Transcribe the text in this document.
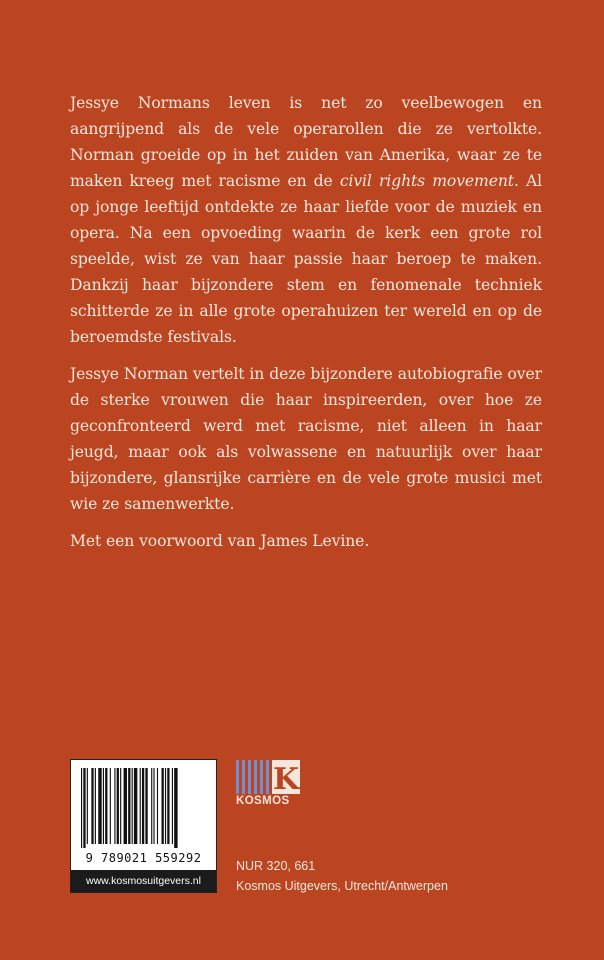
Jessye Normans leven is net zo veelbewogen en aangrijpend als de vele operarollen die ze vertolkte. Norman groeide op in het zuiden van Amerika, waar ze te maken kreeg met racisme en de civil rights movement. Al op jonge leeftijd ontdekte ze haar liefde voor de muziek en opera. Na een opvoeding waarin de kerk een grote rol speelde, wist ze van haar passie haar beroep te maken. Dankzij haar bijzondere stem en fenomenale techniek schitterde ze in alle grote operahuizen ter wereld en op de beroemdste festivals.

Jessye Norman vertelt in deze bijzondere autobiografie over de sterke vrouwen die haar inspireerden, over hoe ze geconfronteerd werd met racisme, niet alleen in haar jeugd, maar ook als volwassene en natuurlijk over haar bijzondere, glansrijke carrière en de vele grote musici met wie ze samenwerkte.

Met een voorwoord van James Levine.

9 789021 559292
www.kosmosuitgevers.nl
K
KOSMOS
NUR 320, 661
Kosmos Uitgevers, Utrecht/Antwerpen
